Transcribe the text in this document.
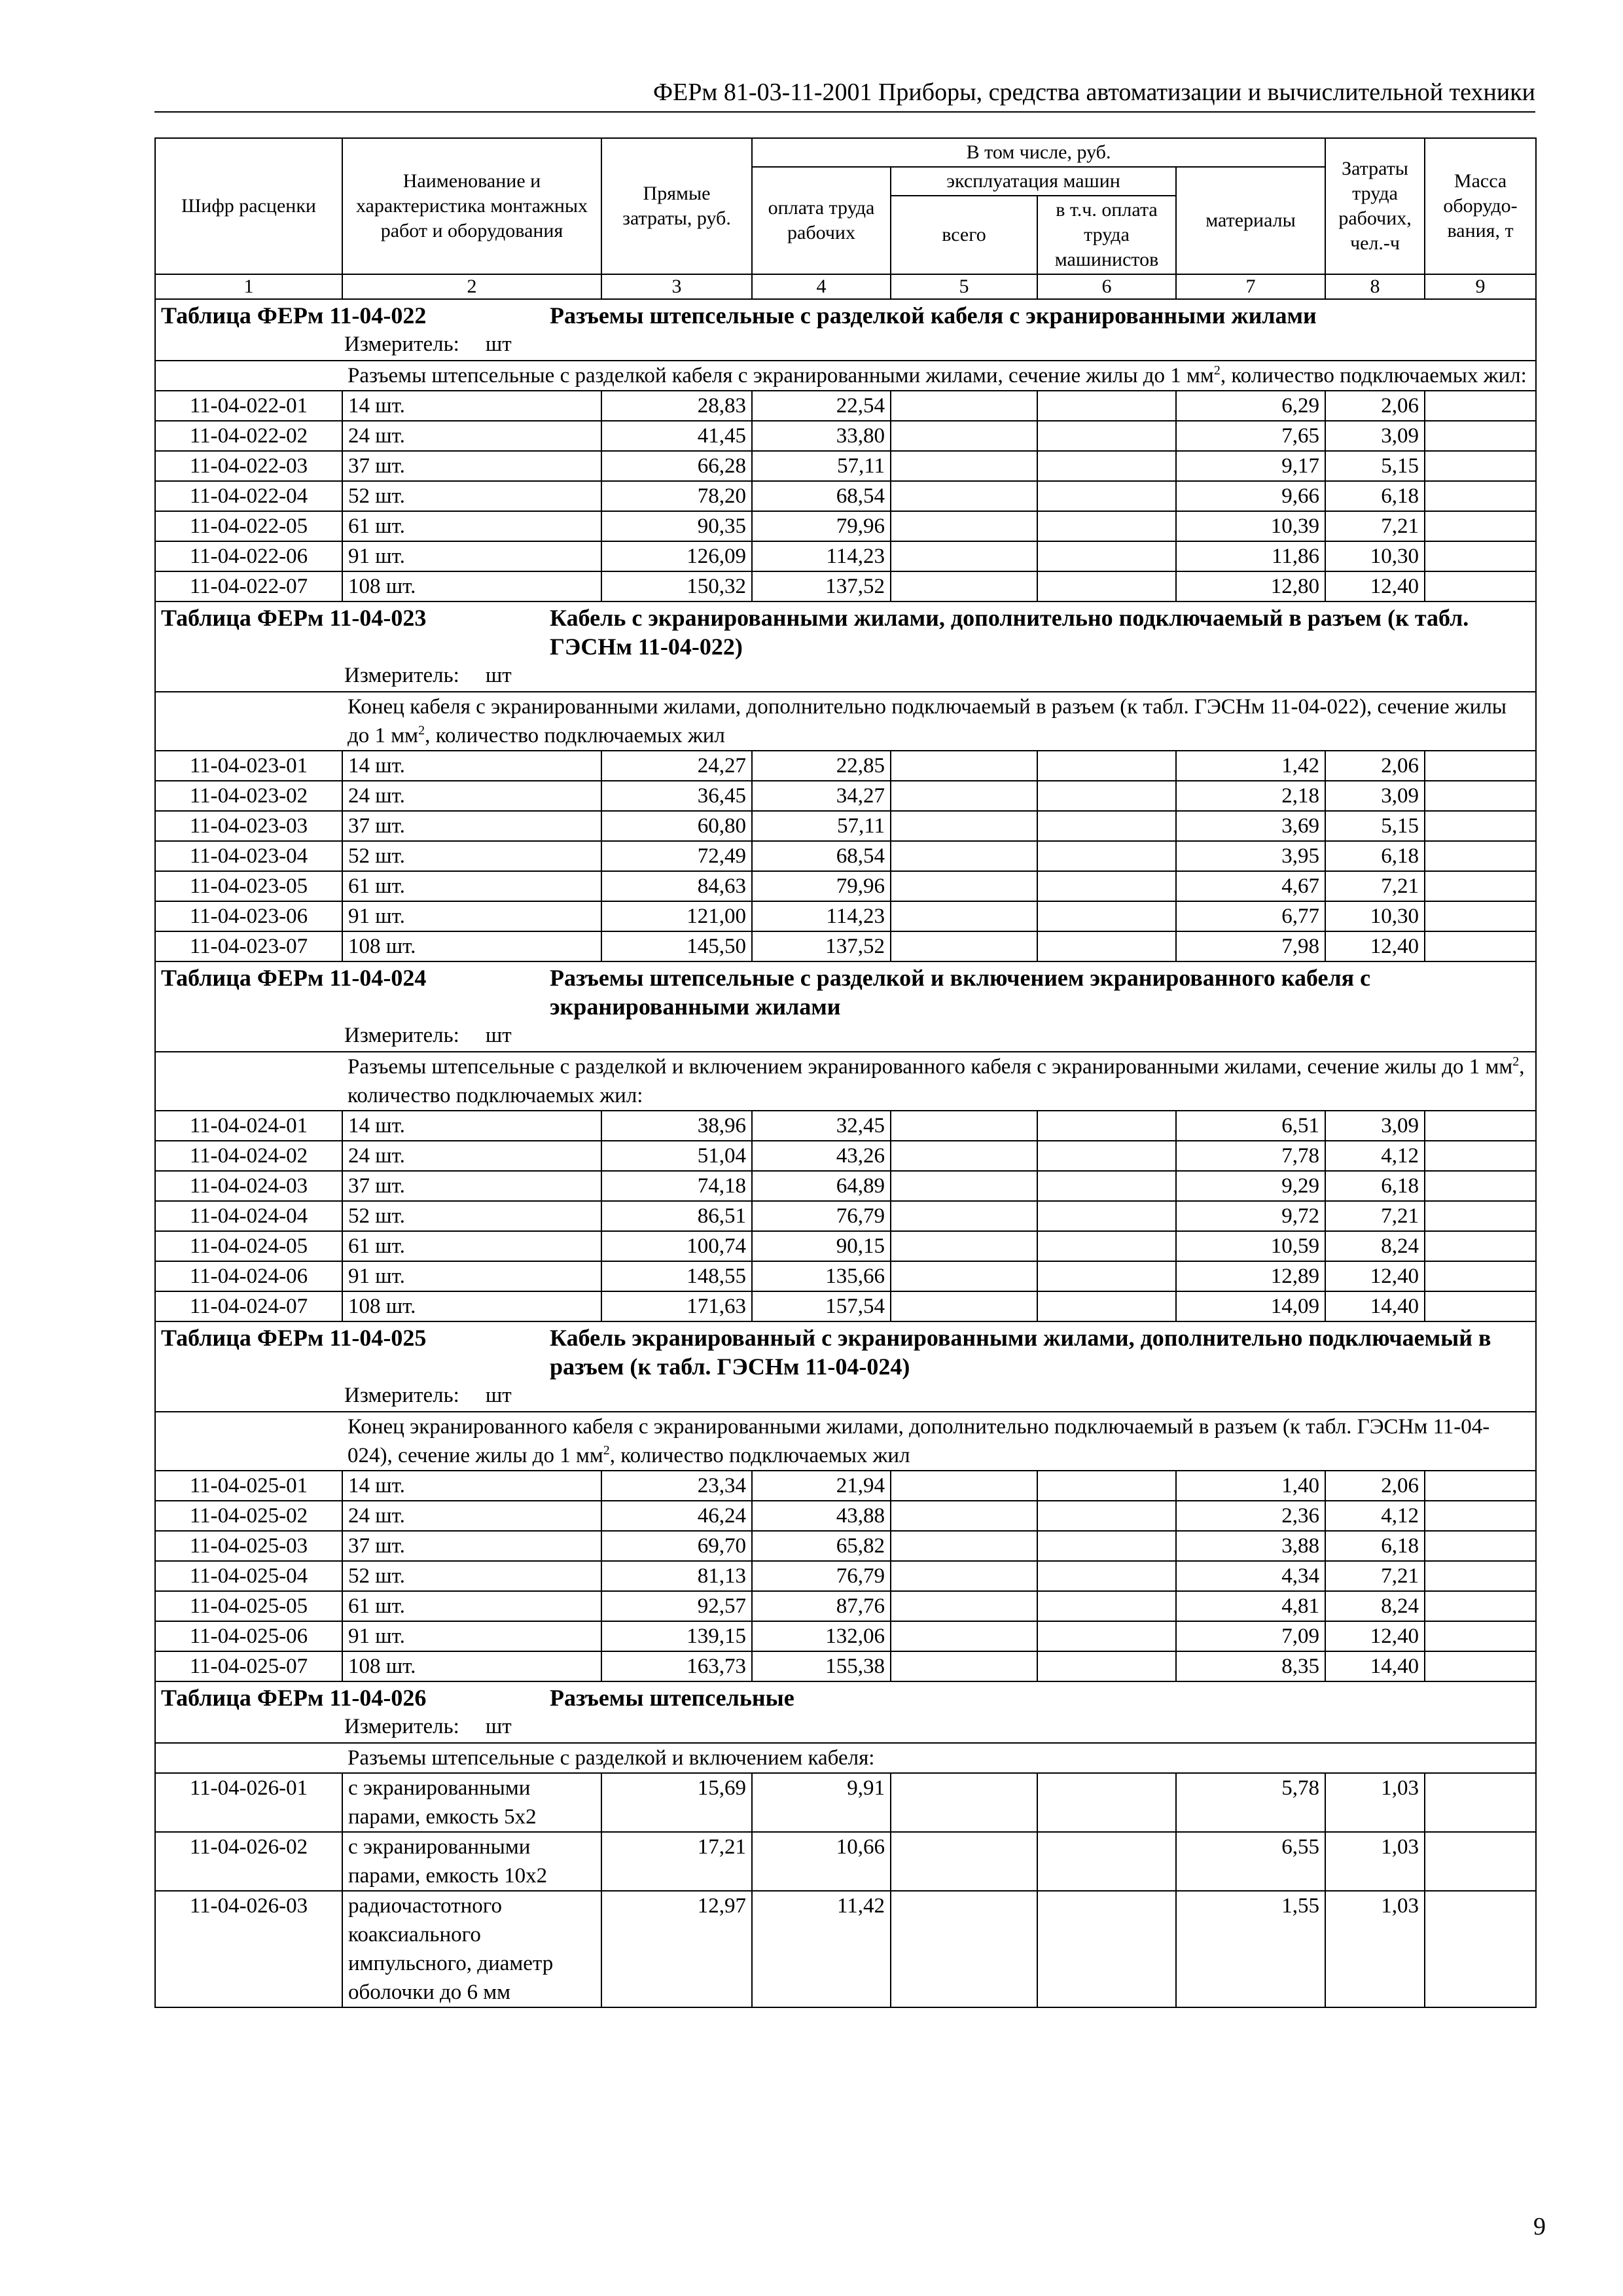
ФЕРм 81-03-11-2001 Приборы, средства автоматизации и вычислительной техники
Шифр расценки	Наименование и характеристика монтажных работ и оборудования	Прямые затраты, руб.	В том числе, руб.				Затраты труда рабочих, чел.-ч	Масса оборудо-вания, т
			оплата труда рабочих	эксплуатация машин		материалы		
				всего	в т.ч. оплата труда машинистов			
1	2	3	4	5	6	7	8	9
Таблица ФЕРм 11-04-022 Разъемы штепсельные с разделкой кабеля с экранированными жилами
Измеритель: шт								
	Разъемы штепсельные с разделкой кабеля с экранированными жилами, сечение жилы до 1 $мм^2$, количество подключаемых жил:							
11-04-022-01	14 шт.	28,83	22,54			6,29	2,06	
11-04-022-02	24 шт.	41,45	33,80			7,65	3,09	
11-04-022-03	37 шт.	66,28	57,11			9,17	5,15	
11-04-022-04	52 шт.	78,20	68,54			9,66	6,18	
11-04-022-05	61 шт.	90,35	79,96			10,39	7,21	
11-04-022-06	91 шт.	126,09	114,23			11,86	10,30	
11-04-022-07	108 шт.	150,32	137,52			12,80	12,40	
Таблица ФЕРм 11-04-023 Кабель с экранированными жилами, дополнительно подключаемый в разъем (к табл. ГЭСНм 11-04-022)
Измеритель: шт								
	Конец кабеля с экранированными жилами, дополнительно подключаемый в разъем (к табл. ГЭСНм 11-04-022), сечение жилы до 1 $мм^2$, количество подключаемых жил							
11-04-023-01	14 шт.	24,27	22,85			1,42	2,06	
11-04-023-02	24 шт.	36,45	34,27			2,18	3,09	
11-04-023-03	37 шт.	60,80	57,11			3,69	5,15	
11-04-023-04	52 шт.	72,49	68,54			3,95	6,18	
11-04-023-05	61 шт.	84,63	79,96			4,67	7,21	
11-04-023-06	91 шт.	121,00	114,23			6,77	10,30	
11-04-023-07	108 шт.	145,50	137,52			7,98	12,40	
Таблица ФЕРм 11-04-024 Разъемы штепсельные с разделкой и включением экранированного кабеля с экранированными жилами
Измеритель: шт								
	Разъемы штепсельные с разделкой и включением экранированного кабеля с экранированными жилами, сечение жилы до 1 $мм^2$, количество подключаемых жил:							
11-04-024-01	14 шт.	38,96	32,45			6,51	3,09	
11-04-024-02	24 шт.	51,04	43,26			7,78	4,12	
11-04-024-03	37 шт.	74,18	64,89			9,29	6,18	
11-04-024-04	52 шт.	86,51	76,79			9,72	7,21	
11-04-024-05	61 шт.	100,74	90,15			10,59	8,24	
11-04-024-06	91 шт.	148,55	135,66			12,89	12,40	
11-04-024-07	108 шт.	171,63	157,54			14,09	14,40	
Таблица ФЕРм 11-04-025 Кабель экранированный с экранированными жилами, дополнительно подключаемый в разъем (к табл. ГЭСНм 11-04-024)
Измеритель: шт								
	Конец экранированного кабеля с экранированными жилами, дополнительно подключаемый в разъем (к табл. ГЭСНм 11-04-024), сечение жилы до 1 $мм^2$, количество подключаемых жил							
11-04-025-01	14 шт.	23,34	21,94			1,40	2,06	
11-04-025-02	24 шт.	46,24	43,88			2,36	4,12	
11-04-025-03	37 шт.	69,70	65,82			3,88	6,18	
11-04-025-04	52 шт.	81,13	76,79			4,34	7,21	
11-04-025-05	61 шт.	92,57	87,76			4,81	8,24	
11-04-025-06	91 шт.	139,15	132,06			7,09	12,40	
11-04-025-07	108 шт.	163,73	155,38			8,35	14,40	
Таблица ФЕРм 11-04-026 Разъемы штепсельные
Измеритель: шт								
	Разъемы штепсельные с разделкой и включением кабеля:							
11-04-026-01	с экранированными парами, емкость 5x2	15,69	9,91			5,78	1,03	
11-04-026-02	с экранированными парами, емкость 10x2	17,21	10,66			6,55	1,03	
11-04-026-03	радиочастотного коаксиального импульсного, диаметр оболочки до 6 мм	12,97	11,42			1,55	1,03	
9
